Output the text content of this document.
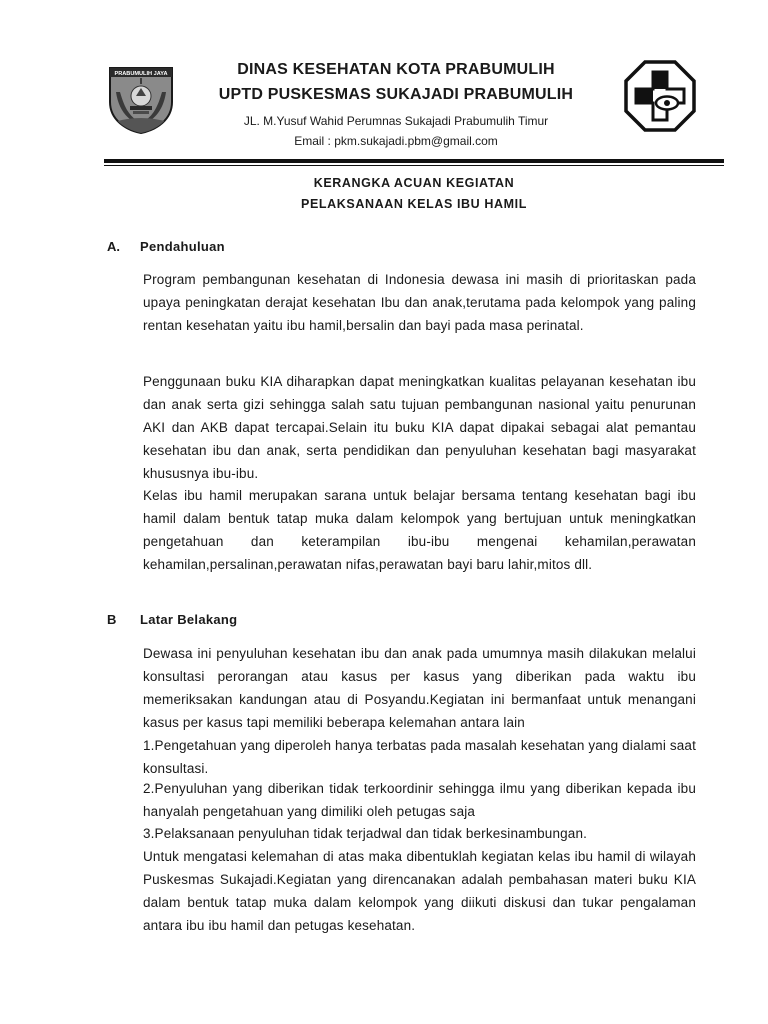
PRABUMULIH JAYA	DINAS KESEHATAN KOTA PRABUMULIH
UPTD PUSKESMAS SUKAJADI PRABUMULIH
JL. M.Yusuf Wahid Perumnas Sukajadi Prabumulih Timur
Email : pkm.sukajadi.pbm@gmail.com
KERANGKA ACUAN KEGIATAN
PELAKSANAAN KELAS IBU HAMIL
A. Pendahuluan
Program pembangunan kesehatan di Indonesia dewasa ini masih di prioritaskan pada upaya peningkatan derajat kesehatan Ibu dan anak,terutama pada kelompok yang paling rentan kesehatan yaitu ibu hamil,bersalin dan bayi pada masa perinatal.
Penggunaan buku KIA diharapkan dapat meningkatkan kualitas pelayanan kesehatan ibu dan anak serta gizi sehingga salah satu tujuan pembangunan nasional yaitu penurunan AKI dan AKB dapat tercapai.Selain itu buku KIA dapat dipakai sebagai alat pemantau kesehatan ibu dan anak, serta pendidikan dan penyuluhan kesehatan bagi masyarakat khususnya ibu-ibu.
Kelas ibu hamil merupakan sarana untuk belajar bersama tentang kesehatan bagi ibu hamil dalam bentuk tatap muka dalam kelompok yang bertujuan untuk meningkatkan pengetahuan dan keterampilan ibu-ibu mengenai kehamilan,perawatan kehamilan,persalinan,perawatan nifas,perawatan bayi baru lahir,mitos dll.
B Latar Belakang
Dewasa ini penyuluhan kesehatan ibu dan anak pada umumnya masih dilakukan melalui konsultasi perorangan atau kasus per kasus yang diberikan pada waktu ibu memeriksakan kandungan atau di Posyandu.Kegiatan ini bermanfaat untuk menangani kasus per kasus tapi memiliki beberapa kelemahan antara lain
1.Pengetahuan yang diperoleh hanya terbatas pada masalah kesehatan yang dialami saat konsultasi.
2.Penyuluhan yang diberikan tidak terkoordinir sehingga ilmu yang diberikan kepada ibu hanyalah pengetahuan yang dimiliki oleh petugas saja
3.Pelaksanaan penyuluhan tidak terjadwal dan tidak berkesinambungan.
Untuk mengatasi kelemahan di atas maka dibentuklah kegiatan kelas ibu hamil di wilayah Puskesmas Sukajadi.Kegiatan yang direncanakan adalah pembahasan materi buku KIA dalam bentuk tatap muka dalam kelompok yang diikuti diskusi dan tukar pengalaman antara ibu ibu hamil dan petugas kesehatan.
